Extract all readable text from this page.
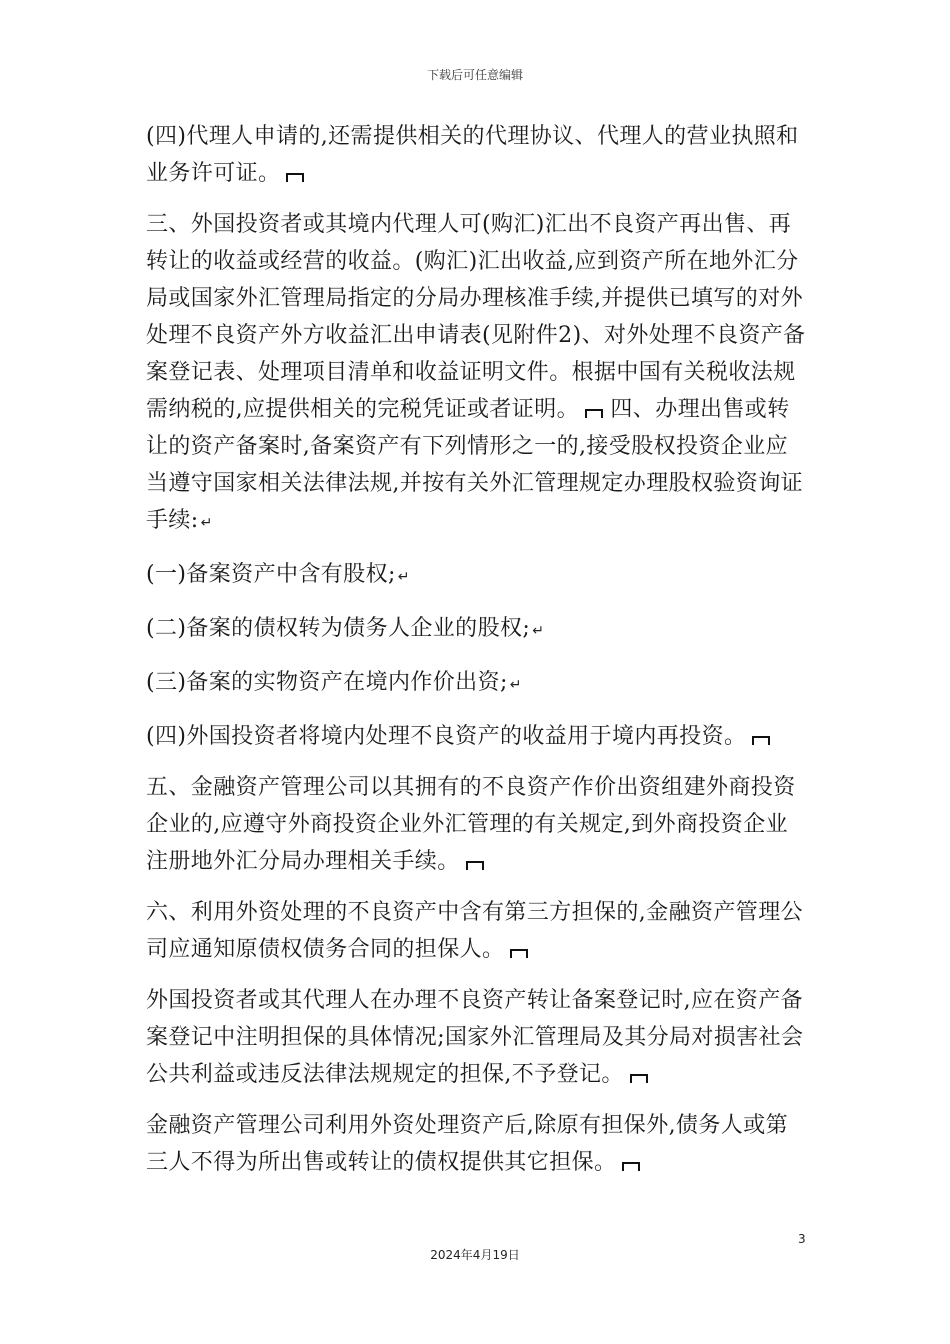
下载后可任意编辑

(四)代理人申请的,还需提供相关的代理协议、代理人的营业执照和业务许可证。

三、外国投资者或其境内代理人可(购汇)汇出不良资产再出售、再转让的收益或经营的收益。(购汇)汇出收益,应到资产所在地外汇分局或国家外汇管理局指定的分局办理核准手续,并提供已填写的对外处理不良资产外方收益汇出申请表(见附件2)、对外处理不良资产备案登记表、处理项目清单和收益证明文件。根据中国有关税收法规需纳税的,应提供相关的完税凭证或者证明。 四、办理出售或转让的资产备案时,备案资产有下列情形之一的,接受股权投资企业应当遵守国家相关法律法规,并按有关外汇管理规定办理股权验资询证手续: ↵

(一)备案资产中含有股权; ↵

(二)备案的债权转为债务人企业的股权; ↵

(三)备案的实物资产在境内作价出资; ↵

(四)外国投资者将境内处理不良资产的收益用于境内再投资。

五、金融资产管理公司以其拥有的不良资产作价出资组建外商投资企业的,应遵守外商投资企业外汇管理的有关规定,到外商投资企业注册地外汇分局办理相关手续。

六、利用外资处理的不良资产中含有第三方担保的,金融资产管理公司应通知原债权债务合同的担保人。

外国投资者或其代理人在办理不良资产转让备案登记时,应在资产备案登记中注明担保的具体情况;国家外汇管理局及其分局对损害社会公共利益或违反法律法规规定的担保,不予登记。

金融资产管理公司利用外资处理资产后,除原有担保外,债务人或第三人不得为所出售或转让的债权提供其它担保。

3
2024年4月19日
